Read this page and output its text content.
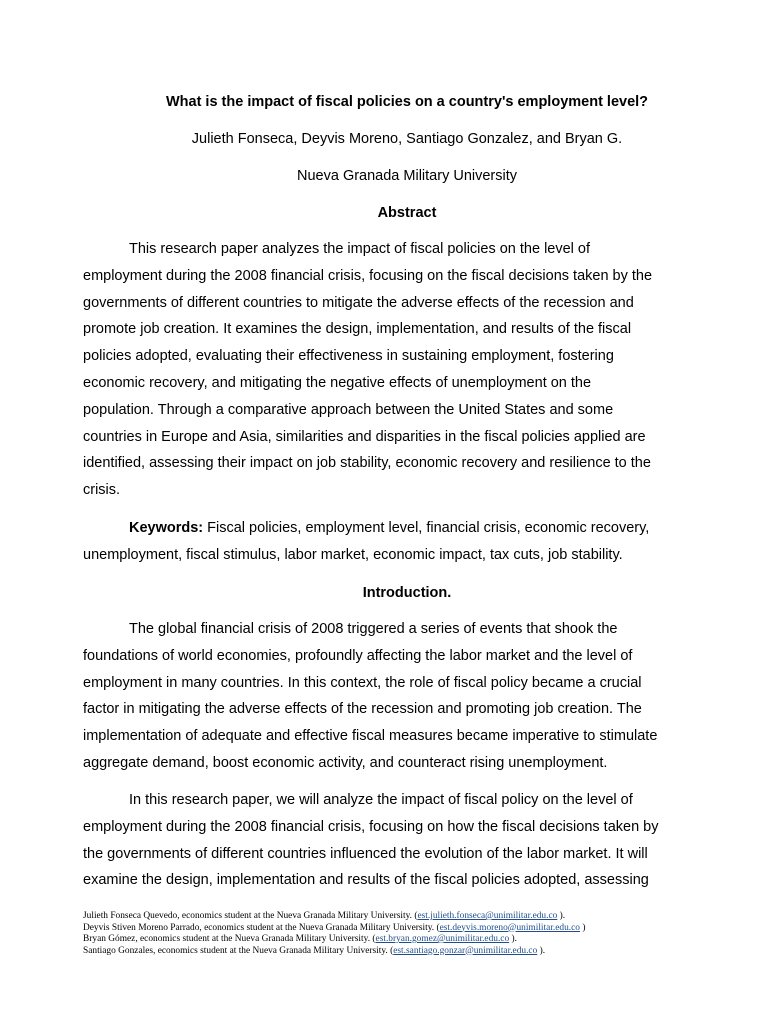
What is the impact of fiscal policies on a country's employment level?
Julieth Fonseca, Deyvis Moreno, Santiago Gonzalez, and Bryan G.
Nueva Granada Military University
Abstract
This research paper analyzes the impact of fiscal policies on the level of
employment during the 2008 financial crisis, focusing on the fiscal decisions taken by the
governments of different countries to mitigate the adverse effects of the recession and
promote job creation. It examines the design, implementation, and results of the fiscal
policies adopted, evaluating their effectiveness in sustaining employment, fostering
economic recovery, and mitigating the negative effects of unemployment on the
population. Through a comparative approach between the United States and some
countries in Europe and Asia, similarities and disparities in the fiscal policies applied are
identified, assessing their impact on job stability, economic recovery and resilience to the
crisis.
Keywords: Fiscal policies, employment level, financial crisis, economic recovery,
unemployment, fiscal stimulus, labor market, economic impact, tax cuts, job stability.
Introduction.
The global financial crisis of 2008 triggered a series of events that shook the
foundations of world economies, profoundly affecting the labor market and the level of
employment in many countries. In this context, the role of fiscal policy became a crucial
factor in mitigating the adverse effects of the recession and promoting job creation. The
implementation of adequate and effective fiscal measures became imperative to stimulate
aggregate demand, boost economic activity, and counteract rising unemployment.
In this research paper, we will analyze the impact of fiscal policy on the level of
employment during the 2008 financial crisis, focusing on how the fiscal decisions taken by
the governments of different countries influenced the evolution of the labor market. It will
examine the design, implementation and results of the fiscal policies adopted, assessing
Julieth Fonseca Quevedo, economics student at the Nueva Granada Military University. (est.julieth.fonseca@unimilitar.edu.co ).
Deyvis Stiven Moreno Parrado, economics student at the Nueva Granada Military University. (est.deyvis.moreno@unimilitar.edu.co )
Bryan Gómez, economics student at the Nueva Granada Military University. (est.bryan.gomez@unimilitar.edu.co ).
Santiago Gonzales, economics student at the Nueva Granada Military University. (est.santiago.gonzar@unimilitar.edu.co ).
